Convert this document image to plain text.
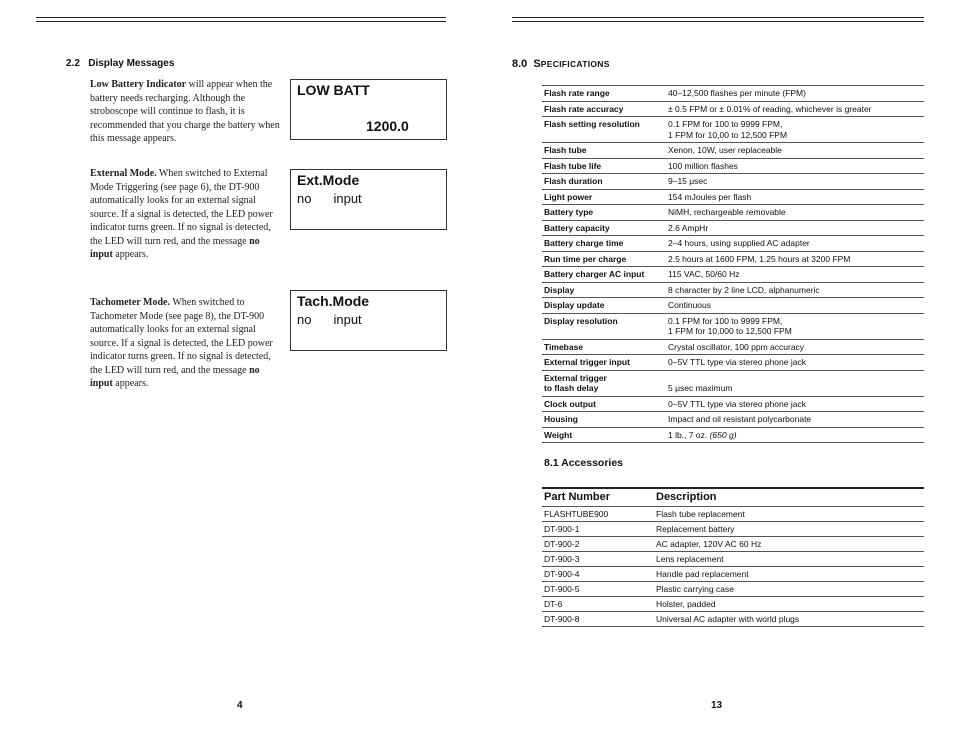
2.2 Display Messages
Low Battery Indicator will appear when the battery needs recharging. Although the stroboscope will continue to flash, it is recommended that you charge the battery when this message appears.
LOW BATT
1200.0
External Mode. When switched to External Mode Triggering (see page 6), the DT-900 automatically looks for an external signal source. If a signal is detected, the LED power indicator turns green. If no signal is detected, the LED will turn red, and the message no input appears.
Ext.Mode
no input
Tachometer Mode. When switched to Tachometer Mode (see page 8), the DT-900 automatically looks for an external signal source. If a signal is detected, the LED power indicator turns green. If no signal is detected, the LED will turn red, and the message no input appears.
Tach.Mode
no input
4
8.0 SPECIFICATIONS
Flash rate range	40–12,500 flashes per minute (FPM)
Flash rate accuracy	± 0.5 FPM or ± 0.01% of reading, whichever is greater
Flash setting resolution	0.1 FPM for 100 to 9999 FPM,
1 FPM for 10,00 to 12,500 FPM
Flash tube	Xenon, 10W, user replaceable
Flash tube life	100 million flashes
Flash duration	9–15 μsec
Light power	154 mJoules per flash
Battery type	NiMH, rechargeable removable
Battery capacity	2.6 AmpHr
Battery charge time	2–4 hours, using supplied AC adapter
Run time per charge	2.5 hours at 1600 FPM, 1.25 hours at 3200 FPM
Battery charger AC input	115 VAC, 50/60 Hz
Display	8 character by 2 line LCD, alphanumeric
Display update	Continuous
Display resolution	0.1 FPM for 100 to 9999 FPM,
1 FPM for 10,000 to 12,500 FPM
Timebase	Crystal oscillator, 100 ppm accuracy
External trigger input	0–5V TTL type via stereo phone jack
External trigger
to flash delay	5 μsec maximum
Clock output	0–5V TTL type via stereo phone jack
Housing	Impact and oil resistant polycarbonate
Weight	1 lb., 7 oz. (650 g)
8.1 Accessories
Part Number	Description
FLASHTUBE900	Flash tube replacement
DT-900-1	Replacement battery
DT-900-2	AC adapter, 120V AC 60 Hz
DT-900-3	Lens replacement
DT-900-4	Handle pad replacement
DT-900-5	Plastic carrying case
DT-6	Holster, padded
DT-900-8	Universal AC adapter with world plugs
13
